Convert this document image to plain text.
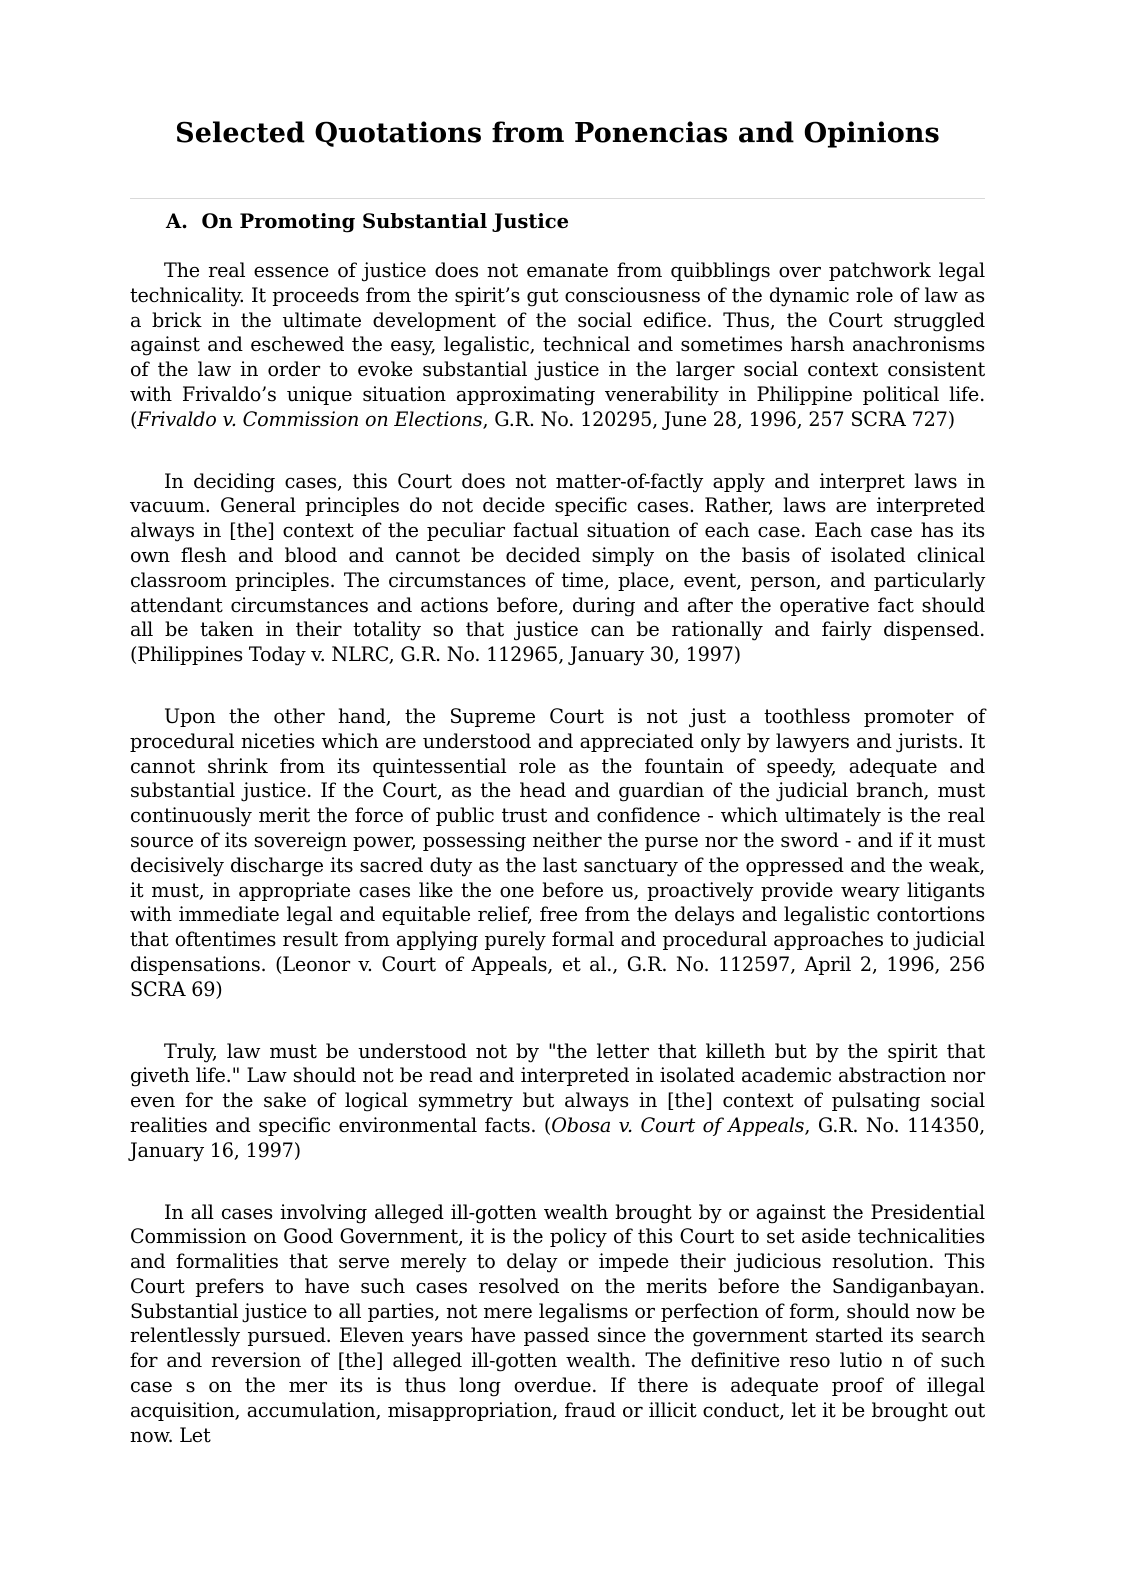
Selected Quotations from Ponencias and Opinions
A. On Promoting Substantial Justice

The real essence of justice does not emanate from quibblings over patchwork legal technicality. It proceeds from the spirit’s gut consciousness of the dynamic role of law as a brick in the ultimate development of the social edifice. Thus, the Court struggled against and eschewed the easy, legalistic, technical and sometimes harsh anachronisms of the law in order to evoke substantial justice in the larger social context consistent with Frivaldo’s unique situation approximating venerability in Philippine political life. (Frivaldo v. Commission on Elections, G.R. No. 120295, June 28, 1996, 257 SCRA 727)

In deciding cases, this Court does not matter-of-factly apply and interpret laws in vacuum. General principles do not decide specific cases. Rather, laws are interpreted always in [the] context of the peculiar factual situation of each case. Each case has its own flesh and blood and cannot be decided simply on the basis of isolated clinical classroom principles. The circumstances of time, place, event, person, and particularly attendant circumstances and actions before, during and after the operative fact should all be taken in their totality so that justice can be rationally and fairly dispensed. (Philippines Today v. NLRC, G.R. No. 112965, January 30, 1997)

Upon the other hand, the Supreme Court is not just a toothless promoter of procedural niceties which are understood and appreciated only by lawyers and jurists. It cannot shrink from its quintessential role as the fountain of speedy, adequate and substantial justice. If the Court, as the head and guardian of the judicial branch, must continuously merit the force of public trust and confidence - which ultimately is the real source of its sovereign power, possessing neither the purse nor the sword - and if it must decisively discharge its sacred duty as the last sanctuary of the oppressed and the weak, it must, in appropriate cases like the one before us, proactively provide weary litigants with immediate legal and equitable relief, free from the delays and legalistic contortions that oftentimes result from applying purely formal and procedural approaches to judicial dispensations. (Leonor v. Court of Appeals, et al., G.R. No. 112597, April 2, 1996, 256 SCRA 69)

Truly, law must be understood not by "the letter that killeth but by the spirit that giveth life." Law should not be read and interpreted in isolated academic abstraction nor even for the sake of logical symmetry but always in [the] context of pulsating social realities and specific environmental facts. (Obosa v. Court of Appeals, G.R. No. 114350, January 16, 1997)

In all cases involving alleged ill-gotten wealth brought by or against the Presidential Commission on Good Government, it is the policy of this Court to set aside technicalities and formalities that serve merely to delay or impede their judicious resolution. This Court prefers to have such cases resolved on the merits before the Sandiganbayan. Substantial justice to all parties, not mere legalisms or perfection of form, should now be relentlessly pursued. Eleven years have passed since the government started its search for and reversion of [the] alleged ill-gotten wealth. The definitive reso lutio n of such case s on the mer its is thus long overdue. If there is adequate proof of illegal acquisition, accumulation, misappropriation, fraud or illicit conduct, let it be brought out now. Let
